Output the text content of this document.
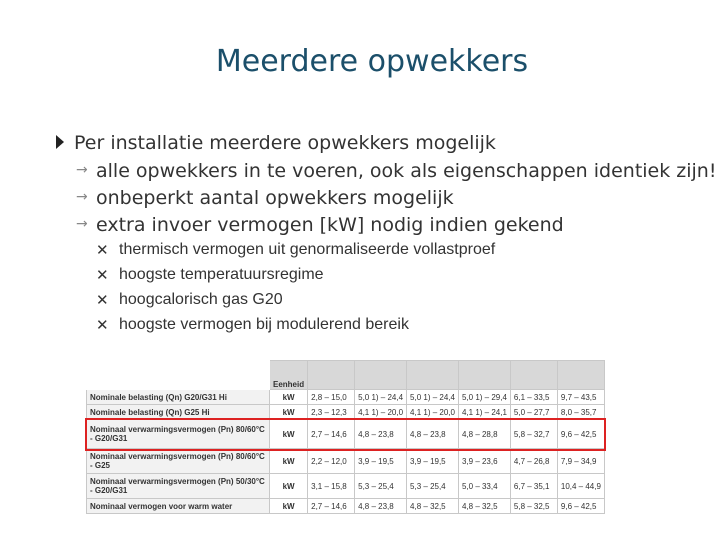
Meerdere opwekkers
Per installatie meerdere opwekkers mogelijk
→ alle opwekkers in te voeren, ook als eigenschappen identiek zijn!
→ onbeperkt aantal opwekkers mogelijk
→ extra invoer vermogen [kW] nodig indien gekend
✕ thermisch vermogen uit genormaliseerde vollastproef
✕ hoogste temperatuursregime
✕ hoogcalorisch gas G20
✕ hoogste vermogen bij modulerend bereik
	Eenheid						
Nominale belasting (Qn) G20/G31 Hi	kW	2,8 – 15,0	5,0 1) – 24,4	5,0 1) – 24,4	5,0 1) – 29,4	6,1 – 33,5	9,7 – 43,5
Nominale belasting (Qn) G25 Hi	kW	2,3 – 12,3	4,1 1) – 20,0	4,1 1) – 20,0	4,1 1) – 24,1	5,0 – 27,7	8,0 – 35,7
Nominaal verwarmingsvermogen (Pn) 80/60°C - G20/G31	kW	2,7 – 14,6	4,8 – 23,8	4,8 – 23,8	4,8 – 28,8	5,8 – 32,7	9,6 – 42,5
Nominaal verwarmingsvermogen (Pn) 80/60°C - G25	kW	2,2 – 12,0	3,9 – 19,5	3,9 – 19,5	3,9 – 23,6	4,7 – 26,8	7,9 – 34,9
Nominaal verwarmingsvermogen (Pn) 50/30°C - G20/G31	kW	3,1 – 15,8	5,3 – 25,4	5,3 – 25,4	5,0 – 33,4	6,7 – 35,1	10,4 – 44,9
Nominaal vermogen voor warm water	kW	2,7 – 14,6	4,8 – 23,8	4,8 – 32,5	4,8 – 32,5	5,8 – 32,5	9,6 – 42,5
